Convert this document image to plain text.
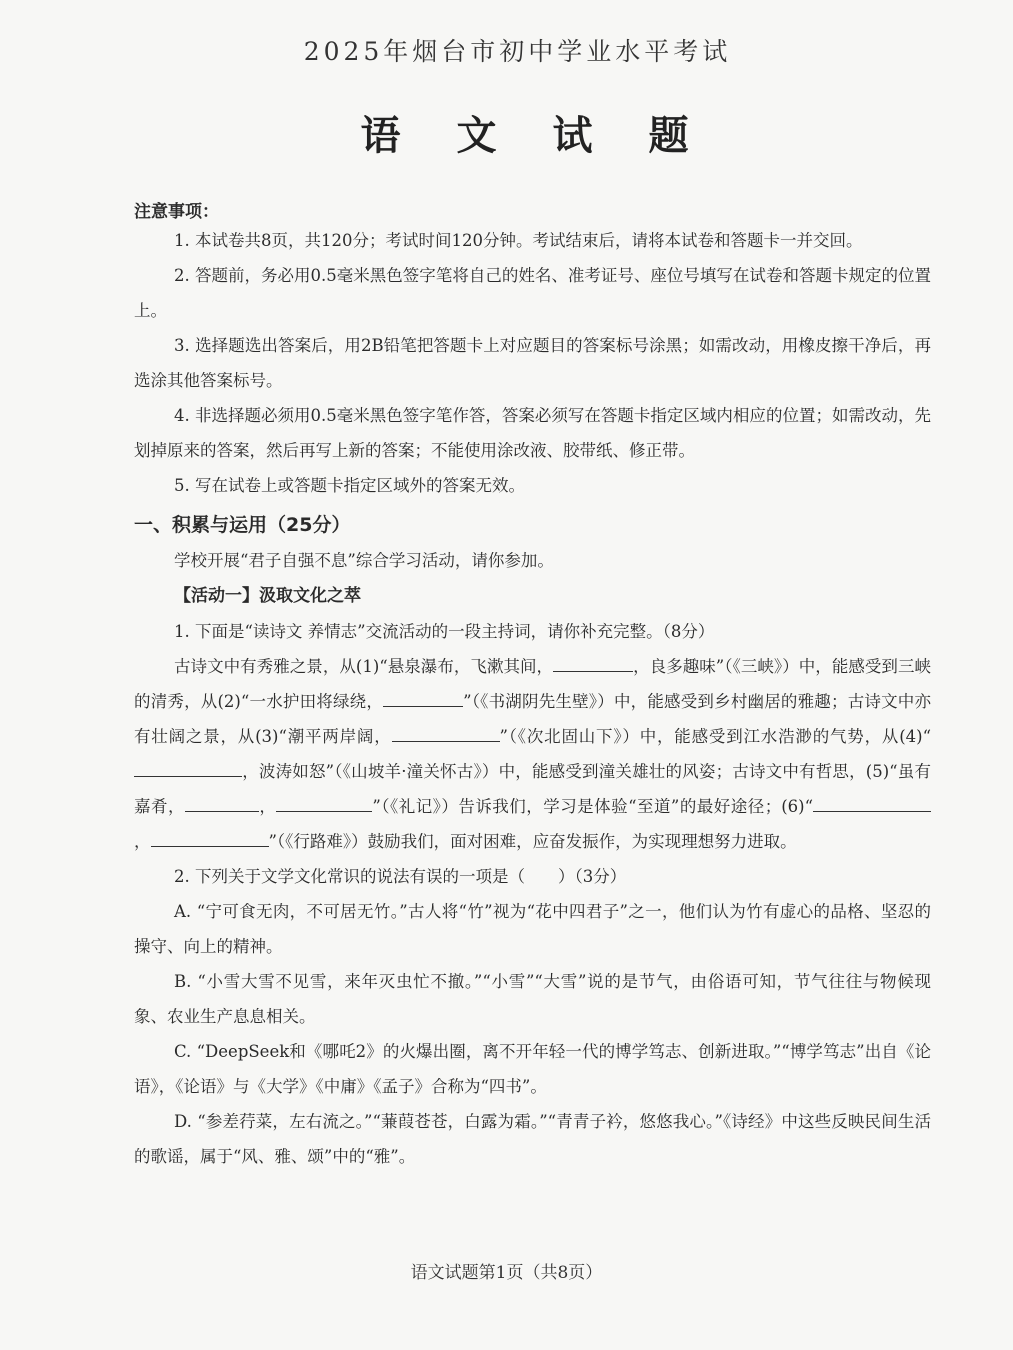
2025年烟台市初中学业水平考试
语文试题
注意事项：

1. 本试卷共8页，共120分；考试时间120分钟。考试结束后，请将本试卷和答题卡一并交回。

2. 答题前，务必用0.5毫米黑色签字笔将自己的姓名、准考证号、座位号填写在试卷和答题卡规定的位置上。

3. 选择题选出答案后，用2B铅笔把答题卡上对应题目的答案标号涂黑；如需改动，用橡皮擦干净后，再选涂其他答案标号。

4. 非选择题必须用0.5毫米黑色签字笔作答，答案必须写在答题卡指定区域内相应的位置；如需改动，先划掉原来的答案，然后再写上新的答案；不能使用涂改液、胶带纸、修正带。

5. 写在试卷上或答题卡指定区域外的答案无效。

一、积累与运用（25分）

学校开展“君子自强不息”综合学习活动，请你参加。

【活动一】汲取文化之萃

1. 下面是“读诗文 养情志”交流活动的一段主持词，请你补充完整。（8分）

古诗文中有秀雅之景，从(1)“悬泉瀑布，飞漱其间，	，良多趣味”（《三峡》）中，能感受到三峡的清秀，从(2)“一水护田将绿绕，	”（《书湖阴先生壁》）中，能感受到乡村幽居的雅趣；古诗文中亦有壮阔之景，从(3)“潮平两岸阔，	”（《次北固山下》）中，能感受到江水浩渺的气势，从(4)“，波涛如怒”（《山坡羊·潼关怀古》）中，能感受到潼关雄壮的风姿；古诗文中有哲思，(5)“虽有嘉肴，	，	”（《礼记》）告诉我们，学习是体验“至道”的最好途径；(6)“，	”（《行路难》）鼓励我们，面对困难，应奋发振作，为实现理想努力进取。

2. 下列关于文学文化常识的说法有误的一项是（　　）（3分）

A. “宁可食无肉，不可居无竹。”古人将“竹”视为“花中四君子”之一，他们认为竹有虚心的品格、坚忍的操守、向上的精神。

B. “小雪大雪不见雪，来年灭虫忙不撤。”“小雪”“大雪”说的是节气，由俗语可知，节气往往与物候现象、农业生产息息相关。

C. “DeepSeek和《哪吒2》的火爆出圈，离不开年轻一代的博学笃志、创新进取。”“博学笃志”出自《论语》，《论语》与《大学》《中庸》《孟子》合称为“四书”。

D. “参差荇菜，左右流之。”“蒹葭苍苍，白露为霜。”“青青子衿，悠悠我心。”《诗经》中这些反映民间生活的歌谣，属于“风、雅、颂”中的“雅”。

语文试题第1页（共8页）
